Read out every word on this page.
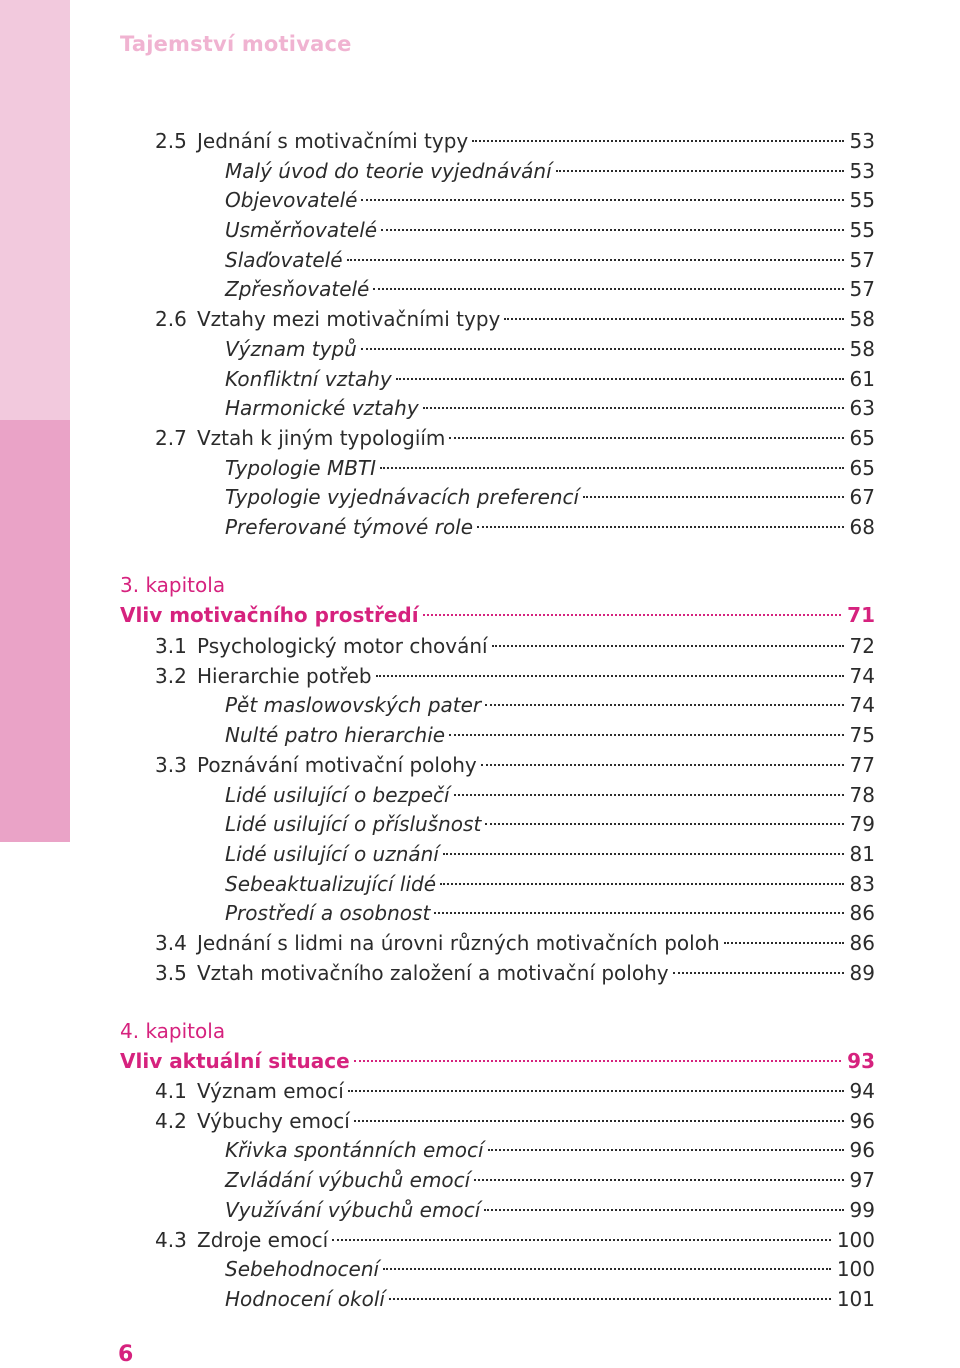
Tajemství motivace
2.5 Jednání s motivačními typy	53
Malý úvod do teorie vyjednávání	53
Objevovatelé	55
Usměrňovatelé	55
Slaďovatelé	57
Zpřesňovatelé	57
2.6 Vztahy mezi motivačními typy	58
Význam typů	58
Konfliktní vztahy	61
Harmonické vztahy	63
2.7 Vztah k jiným typologiím	65
Typologie MBTI	65
Typologie vyjednávacích preferencí	67
Preferované týmové role	68
3. kapitola
Vliv motivačního prostředí	71
3.1 Psychologický motor chování	72
3.2 Hierarchie potřeb	74
Pět maslowovských pater	74
Nulté patro hierarchie	75
3.3 Poznávání motivační polohy	77
Lidé usilující o bezpečí	78
Lidé usilující o příslušnost	79
Lidé usilující o uznání	81
Sebeaktualizující lidé	83
Prostředí a osobnost	86
3.4 Jednání s lidmi na úrovni různých motivačních poloh	86
3.5 Vztah motivačního založení a motivační polohy	89
4. kapitola
Vliv aktuální situace	93
4.1 Význam emocí	94
4.2 Výbuchy emocí	96
Křivka spontánních emocí	96
Zvládání výbuchů emocí	97
Využívání výbuchů emocí	99
4.3 Zdroje emocí	100
Sebehodnocení	100
Hodnocení okolí	101
6
